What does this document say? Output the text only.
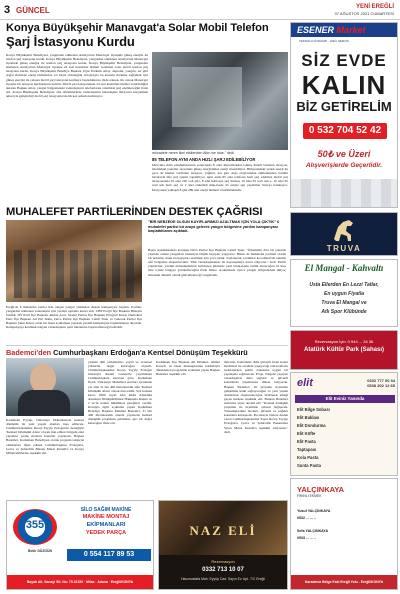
3 GÜNCEL	YENİ EREĞLİ
07 AĞUSTOS 2021 CUMARTESİ
Konya Büyükşehir Manavgat'a Solar Mobil Telefon
Şarj İstasyonu Kurdu
Konya Büyükşehir Belediyesi, yangından etkilenen Antalya'nın Manavgat ilçesinde güneş enerjisi ile telefon şarj istasyonu kurdu. Konya Büyükşehir Belediyesi, yangından etkilenen Antalya'nın Manavgat ilçesinde güneş enerjisi ile telefon şarj istasyonu kurdu. Konya Büyükşehir Belediyesi, yangından etkilenen Antalya'nın Manavgat ilçesine 24 saat kesintisiz hizmet verebilen solar mobil telefon şarj istasyonu kurdu. Konya Büyükşehir Belediye Başkanı Uğur İbrahim Altay, depremi, yangını, sel gibi doğal afetlerde enerji birimlerine rol biçen olmadığını dolayısıyla bu konuda ilerleme sağlamak için güneş enerjisi ile çalışan mobil şarj istasyonu kurmaya başladıklarını ifade ederek, ilk olarak Manavgat ilçesine bir istasyon kurduklarını belirtti. Mobil şarj istasyonunun 24 saat kesintisiz hizmet verebildiğini aktaran Başkan Altay, yangın bölgesindeki vatandaşların telefonlarını rahatlıkla şarj edebileceğini ifade etti. Konya Büyükşehir Belediyesi, afet dönemlerinde vatandaşların haberleşme ihtiyacını karşılamak amacıyla geliştirdiği mobil şarj istasyonlarını ilk kez sahada kullanıyor.
mücadele neren ilimi etkilenden Altın ise idue." dedi.
85 TELEFON AYNI ANDA HIZLI ŞARJ EDİLEBİLİYOR
Mevcutta ürün planlamalarının sonucunda 8 adet Monoblokkal Güneş Paneli bulunan istasyon, üzerindeki paneller sayesinde güneş enerjisinden enerji üretebiliyor. Bünyesindeki yedek enerji ile gece de hizmet verebilen istasyon, yağmur, kar gibi doğa olaylarından etkilenmeden bulutlu havalarda bile şarj işlemi yapabiliyor. Aynı anda 85 adet telefonu hızlı şarj edebilen mobil şarj istasyonunda 45 adet 220 volt priz, 8 adet kablosuz şarj ünitesi, 10 adet 65 watt usb-c, 10 adet 65 watt usb hızlı şarj ve 2 adet elektrikli mak-inede 45 saniye şarj yapabilen batarya bulunuyor. İstasyonun yaklaşık 8 gün 289 saat enerji hizmeti verebilmektedir.
ESENER Market
TEKNOLOJİ PAZARI · HIZLI SERVİS
SİZ EVDE
KALIN
BİZ GETİRELİM
0 532 704 52 42
50₺ ve Üzeri
Alışverişlerde Geçerlidir.
MUHALEFET PARTİLERİNDEN DESTEK ÇAĞRISI
"BİR NEBZEDE OLSUN KAYIPLARIMIZI AZALTMAK İÇİN YOLA ÇIKTIK" 6 muhalefet partisi bir araya gelerek yangın bölgesine yardım kampanyası başlattıklarını açıkladı.
Basın açıklamasında konuşan Deva Partisi İlçe Başkanı Cemil Tutar, "Ülkemizin dört bir yanında yaşanan orman yangınları nedeniyle büyük kayıplar yaşıyoruz. Bizler de muhalefet partileri olarak bir nebzede olsun bu kayıpları azaltmak için yola çıktık. Toplanacak yardımlar koordineli bir şekilde afet bölgesine ulaştırılacaktır. Tüm vatandaşlarımızı bu dayanışmaya davet ediyoruz." dedi. Partili yöneticiler, yardım malzemelerinin belirlenen günlerde parti binalarında teslim alınacağını ve kısa süre içinde bölgeye gönderileceğini ifade ettiler. Açıklamada ayrıca yangın bölgesindeki ihtiyaç listesinin düzenli olarak güncelleneceği vurgulandı.
Ereğli'de 6 muhalefet partisi ilde oluşan yangın yüzünden destek kampanyası başlattı. Partiler, yangından etkilenen vatandaşlar için yardım toplama kararı aldı. CHP Ereğli İlçe Başkanı Hüseyin Öztürk, İYİ Parti İlçe Başkanı Ahmet Acar, Saadet Partisi İlçe Başkanı Ertuğrul Kural, Demokrat Parti İlçe Başkanı Ali Piri Tekin, Deva Partisi İlçe Başkanı Cemil Tutar ve Gelecek Partisi İlçe Başkanı Şakir Kılınç ortak bir basın açıklaması yaparak yardım kampanyası başlattıklarını duyurdu. Kampanyaya katılmak isteyen vatandaşların parti binalarına başvurabileceği belirtildi.
TRUVA
El Mangal - Kahvaltı
Usta Ellerden En Lezzi Tatlar,
En uygun Fiyatla
Truva El Mangal ve
Atlı Spor Klübünde
Bademci'den Cumhurbaşkanı Erdoğan'a Kentsel Dönüşüm Teşekkürü
Kadınhanı Eyyüp, Ümraniye Mahallesinde kentsel dönüşüm ile yeni yaşam alanları inşa edilecek. Cumhurbaşkanımız Recep Tayyip Erdoğan'ın desteğiyle 'Kentsel Dönüşüm Alanı' olarak ilan edilen bölgede eski yapıların yerine modern konutlar yapılacak. Başkan Bademci, Kadınhanı Belediyesi olarak projenin takipçisi olduklarını ifade ederek Cumhurbaşkanı Erdoğan'a, Çevre ve Şehircilik Bakanı Murat Kurum'a ve Konya Milletvekillerine teşekkür etti.
yasinin tüm yetkilerinin, soyad ve evrensel yönlerini değer katacağını söyledi. Cumhurbaşkanımız Recep Tayyip Erdoğan imzasıyla Resmi Gazete'de yayımlanan Cumhurbaşkanı kararına göre, Kadınhanı İlçesi, Ümraniye Mahallesi sınırları içerisinde yer alan 31 bin 400 metrekarelik alan 'Kentsel Dönüşüm Alanı' olarak ilan edildi. Söz konusu karar, 6306 sayılı Afet Riski Altındaki Alanların Dönüştürülmesi Hakkında Kanun ve 2 no'lu kanun hükümleri gereğince verildi. Konuyla ilgili açıklama yapan Kadınhanı Belediye Başkanı Mehmet Bademci, 31 bin 400 metrekarelik alanda yapılacak kentsel dönüşüm projesinin şehrimize ayrı bir değer katacağını ifade etti.
Kadınhanı İlçe Başkanı Ali Dönmez, Ahmet Kararlı, ve basın mensuplarının katılımıyla düzenlenen programda açıklama yapan Başkan Bademci teşekkür etti.
mavrule, haderumiz daha güvenli ferah konut modelleri ile ortamda yaşayacağı tam konforlu tasarlanırken şehrin dokusuna uygun bir yapılaşma sağlanacak. Proje, bölgede yaşayan vatandaşların daha sağlıklı ve güvenli konutlarda yaşamasına imkan tanıyacak. Başkan Bademci, bu projenin ilçemizin gelişimine katkı sağlayacağını ve yeni yaşam alanlarının oluşturulacağını belirterek emeği geçen herkese teşekkür etti. Başkan Bademci sözlerine şöyle devam etti: "Kentsel dönüşüm projemiz ile ilçemizin çehresi değişecek. Vatandaşlarımız modern, güvenli ve sağlıklı konutlara kavuşacak. Bu süreçte bizlere destek veren Cumhurbaşkanımız Sayın Recep Tayyip Erdoğan'a, Çevre ve Şehircilik Bakanımız Sayın Murat Kurum'a teşekkür ediyorum." dedi.
355
SİLO SAĞIM MAKİNE
MAKİNE MONTAJ
EKİPMANLARI
YEDEK PARÇA
Bekir DÜZGÜN	0 554 117 89 53
Bayatı Alt. Sanayi Sit. No: 75 42150 · Milas · Adana · Ereğli/KONYA
NAZ ELİ
Rezervasyon
0332 713 10 07
Hacımustafa Mah. Eyyüp Cad. Sayın Ev. Apt. 7/C Ereğli
Rezervasyon İçin: 0 544 ... 34 36
Atatürk Kültür Park (Sahası)
elit	0332 777 00 34
0538 202 12 65
Elit Eviniz Yanında
Elit Bilge Sobası
Elit Baklası
Elit Dondurma
Elit Köfte
Elit Pasta
Taptapası
Kola Pasta
Sunta Pasta
YALÇINKAYA
FIRINLI EKMEK
Yusuf YALÇINKAYA
0532 ... ... ..
Sefa YALÇINKAYA
0533 ... ... ..
Karadeniz Bölge Eski Ereğli Yolu - Ereğli/KONYA
